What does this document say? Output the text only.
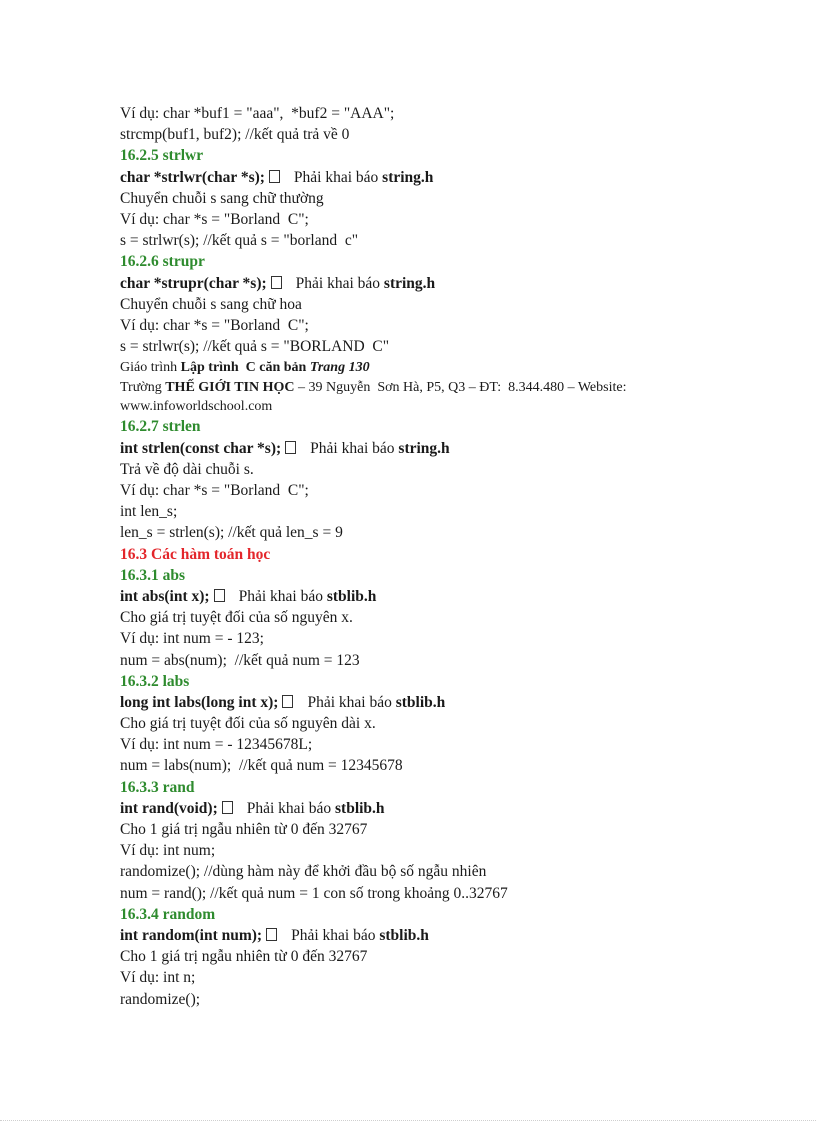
Ví dụ: char *buf1 = "aaa",  *buf2 = "AAA";
strcmp(buf1, buf2); //kết quả trả về 0
16.2.5 strlwr
char *strlwr(char *s); Phải khai báo string.h
Chuyển chuỗi s sang chữ thường
Ví dụ: char *s = "Borland  C";
s = strlwr(s); //kết quả s = "borland  c"
16.2.6 strupr
char *strupr(char *s); Phải khai báo string.h
Chuyển chuỗi s sang chữ hoa
Ví dụ: char *s = "Borland  C";
s = strlwr(s); //kết quả s = "BORLAND  C"
Giáo trình Lập trình  C căn bản Trang 130
Trường THẾ GIỚI TIN HỌC – 39 Nguyễn  Sơn Hà, P5, Q3 – ĐT:  8.344.480 – Website:
www.infoworldschool.com
16.2.7 strlen
int strlen(const char *s); Phải khai báo string.h
Trả về độ dài chuỗi s.
Ví dụ: char *s = "Borland  C";
int len_s;
len_s = strlen(s); //kết quả len_s = 9
16.3 Các hàm toán học
16.3.1 abs
int abs(int x); Phải khai báo stblib.h
Cho giá trị tuyệt đối của số nguyên x.
Ví dụ: int num = - 123;
num = abs(num);  //kết quả num = 123
16.3.2 labs
long int labs(long int x); Phải khai báo stblib.h
Cho giá trị tuyệt đối của số nguyên dài x.
Ví dụ: int num = - 12345678L;
num = labs(num);  //kết quả num = 12345678
16.3.3 rand
int rand(void); Phải khai báo stblib.h
Cho 1 giá trị ngẫu nhiên từ 0 đến 32767
Ví dụ: int num;
randomize(); //dùng hàm này để khởi đầu bộ số ngẫu nhiên
num = rand(); //kết quả num = 1 con số trong khoảng 0..32767
16.3.4 random
int random(int num); Phải khai báo stblib.h
Cho 1 giá trị ngẫu nhiên từ 0 đến 32767
Ví dụ: int n;
randomize();
